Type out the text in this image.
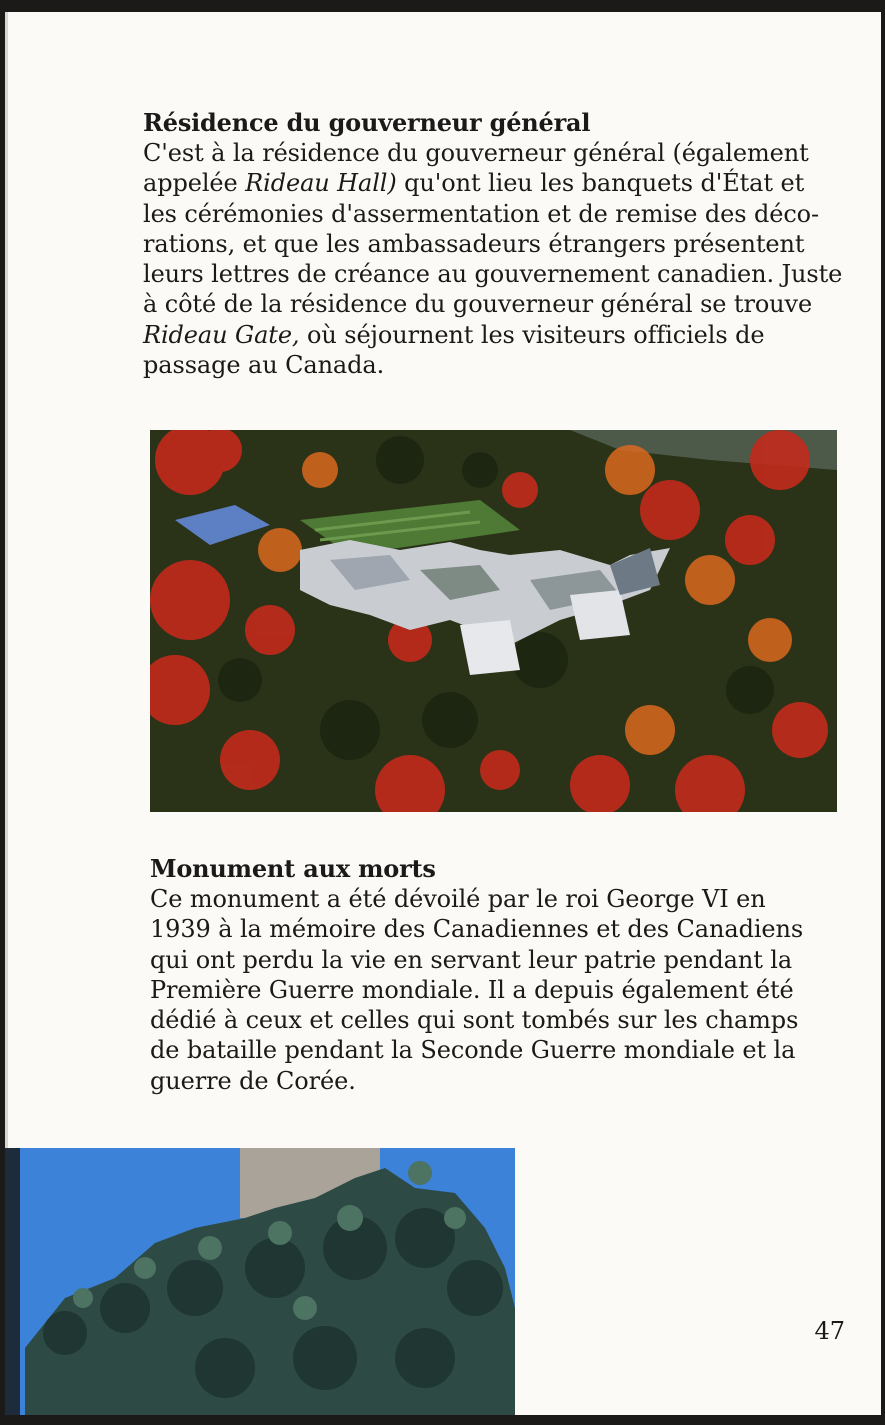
Résidence du gouverneur général

C'est à la résidence du gouverneur général (également

appelée Rideau Hall) qu'ont lieu les banquets d'État et

les cérémonies d'assermentation et de remise des déco-

rations, et que les ambassadeurs étrangers présentent

leurs lettres de créance au gouvernement canadien. Juste

à côté de la résidence du gouverneur général se trouve

Rideau Gate, où séjournent les visiteurs officiels de

passage au Canada.

Monument aux morts

Ce monument a été dévoilé par le roi George VI en

1939 à la mémoire des Canadiennes et des Canadiens

qui ont perdu la vie en servant leur patrie pendant la

Première Guerre mondiale. Il a depuis également été

dédié à ceux et celles qui sont tombés sur les champs

de bataille pendant la Seconde Guerre mondiale et la

guerre de Corée.

47
